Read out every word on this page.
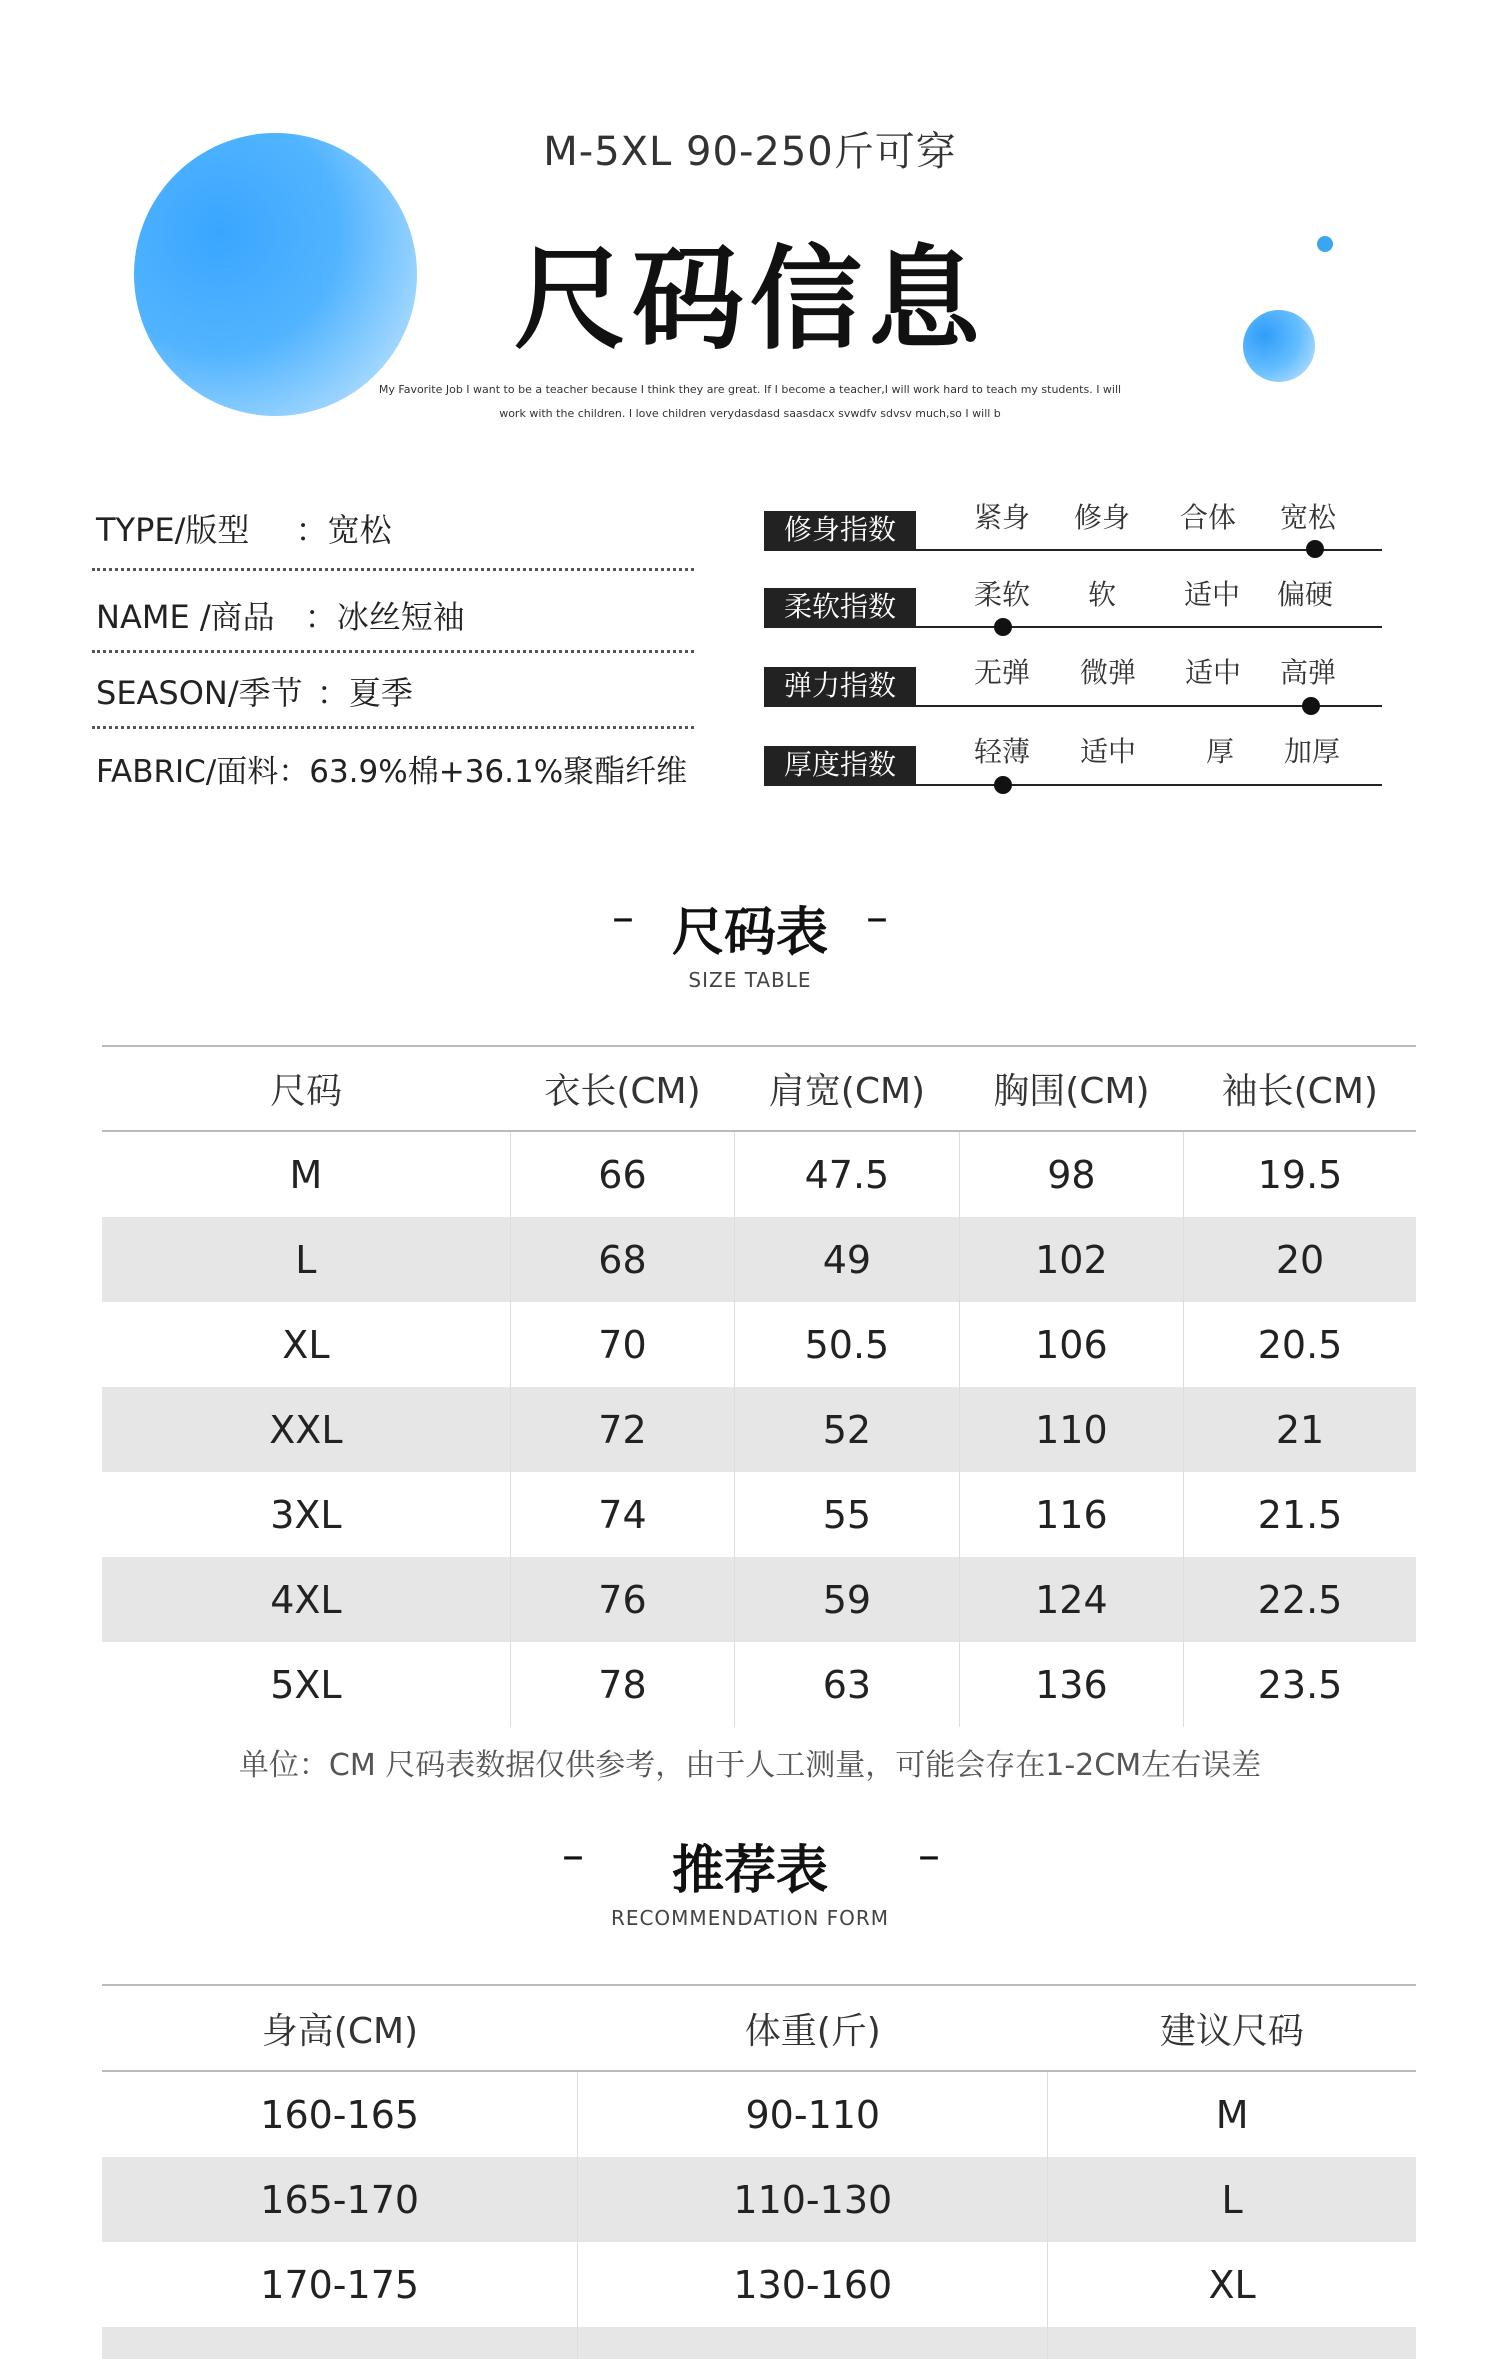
M-5XL 90-250斤可穿
尺码信息
My Favorite Job I want to be a teacher because I think they are great. If I become a teacher,I will work hard to teach my students. I will
work with the children. I love children verydasdasd saasdacx svwdfv sdvsv much,so I will b
TYPE/版型 ：宽松
NAME /商品 ：冰丝短袖
SEASON/季节 ：夏季
FABRIC/面料：63.9%棉+36.1%聚酯纤维
修身指数	紧身	修身	合体	宽松
柔软指数	柔软	软	适中	偏硬
弹力指数	无弹	微弹	适中	高弹
厚度指数	轻薄	适中	厚	加厚
– 尺码表 –
SIZE TABLE
尺码	衣长(CM)	肩宽(CM)	胸围(CM)	袖长(CM)
M	66	47.5	98	19.5
L	68	49	102	20
XL	70	50.5	106	20.5
XXL	72	52	110	21
3XL	74	55	116	21.5
4XL	76	59	124	22.5
5XL	78	63	136	23.5
单位：CM 尺码表数据仅供参考，由于人工测量，可能会存在1-2CM左右误差
–	推荐表	–
RECOMMENDATION FORM
身高(CM)	体重(斤)	建议尺码
160-165	90-110	M
165-170	110-130	L
170-175	130-160	XL
